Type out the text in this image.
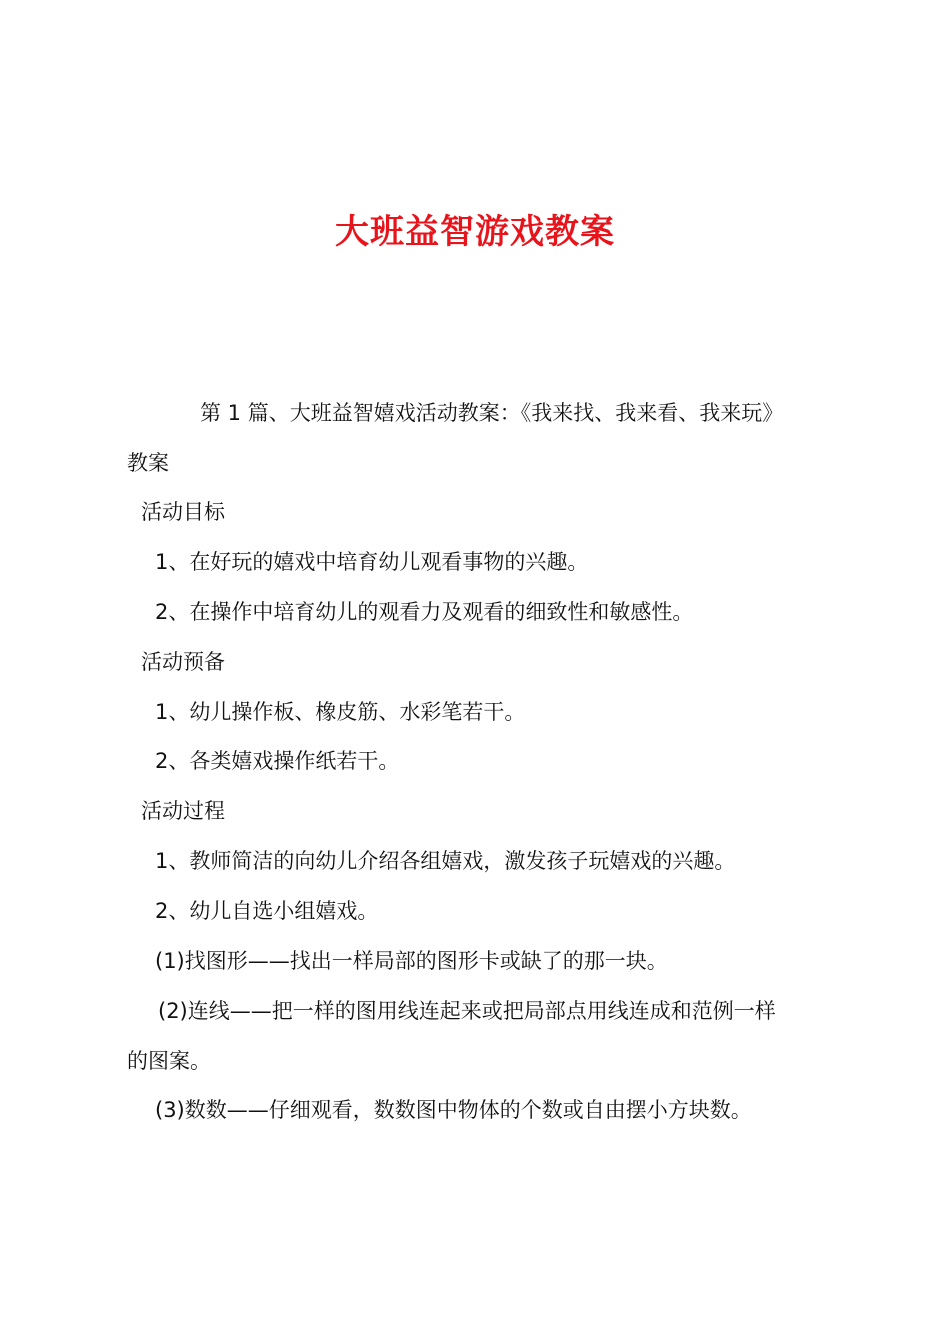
大班益智游戏教案
第 1 篇、大班益智嬉戏活动教案：《我来找、我来看、我来玩》
教案
活动目标
1、在好玩的嬉戏中培育幼儿观看事物的兴趣。
2、在操作中培育幼儿的观看力及观看的细致性和敏感性。
活动预备
1、幼儿操作板、橡皮筋、水彩笔若干。
2、各类嬉戏操作纸若干。
活动过程
1、教师简洁的向幼儿介绍各组嬉戏，激发孩子玩嬉戏的兴趣。
2、幼儿自选小组嬉戏。
(1)找图形——找出一样局部的图形卡或缺了的那一块。
(2)连线——把一样的图用线连起来或把局部点用线连成和范例一样
的图案。
(3)数数——仔细观看，数数图中物体的个数或自由摆小方块数。
